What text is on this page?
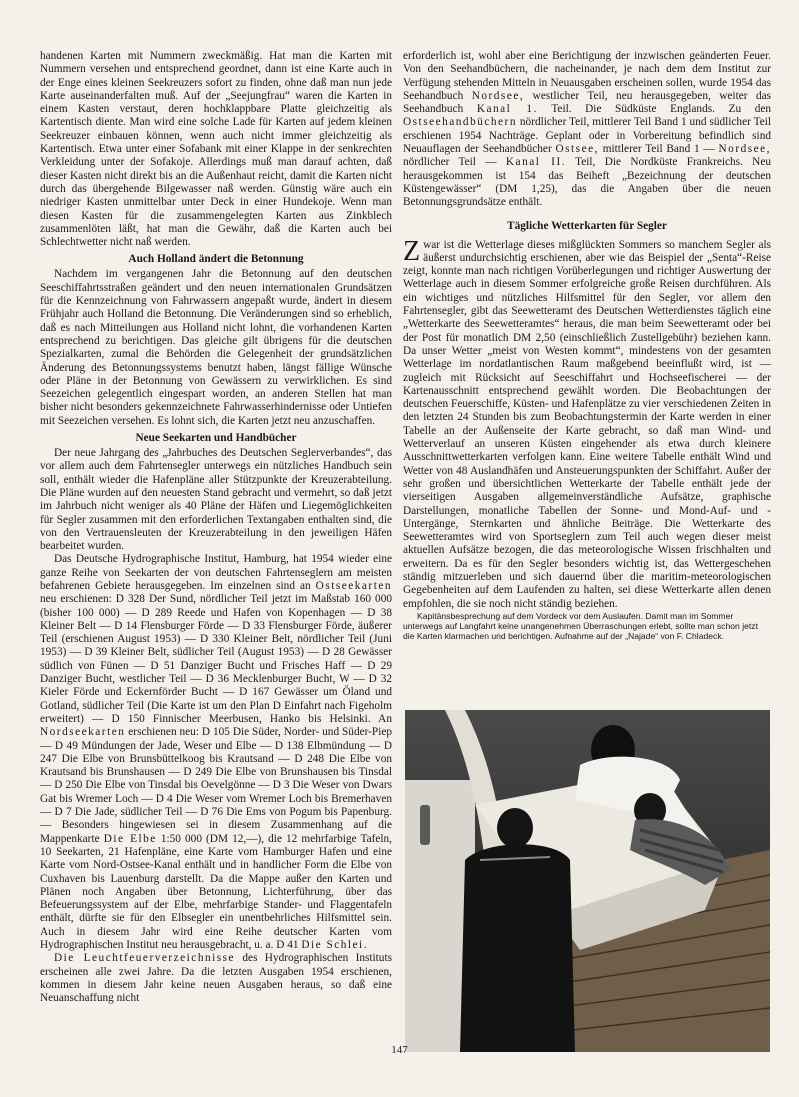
handenen Karten mit Nummern zweckmäßig. Hat man die Karten mit Nummern versehen und entsprechend geordnet, dann ist eine Karte auch in der Enge eines kleinen Seekreuzers sofort zu finden, ohne daß man nun jede Karte auseinanderfalten muß. Auf der „Seejungfrau“ waren die Karten in einem Kasten verstaut, deren hochklappbare Platte gleichzeitig als Kartentisch diente. Man wird eine solche Lade für Karten auf jedem kleinen Seekreuzer einbauen können, wenn auch nicht immer gleichzeitig als Kartentisch. Etwa unter einer Sofabank mit einer Klappe in der senkrechten Verkleidung unter der Sofakoje. Allerdings muß man darauf achten, daß dieser Kasten nicht direkt bis an die Außenhaut reicht, damit die Karten nicht durch das übergehende Bilgewasser naß werden. Günstig wäre auch ein niedriger Kasten unmittelbar unter Deck in einer Hundekoje. Wenn man diesen Kasten für die zusammengelegten Karten aus Zinkblech zusammenlöten läßt, hat man die Gewähr, daß die Karten auch bei Schlechtwetter nicht naß werden.

Auch Holland ändert die Betonnung

Nachdem im vergangenen Jahr die Betonnung auf den deutschen Seeschiffahrtsstraßen geändert und den neuen internationalen Grundsätzen für die Kennzeichnung von Fahrwassern angepaßt wurde, ändert in diesem Frühjahr auch Holland die Betonnung. Die Veränderungen sind so erheblich, daß es nach Mitteilungen aus Holland nicht lohnt, die vorhandenen Karten entsprechend zu berichtigen. Das gleiche gilt übrigens für die deutschen Spezialkarten, zumal die Behörden die Gelegenheit der grundsätzlichen Änderung des Betonnungssystems benutzt haben, längst fällige Wünsche oder Pläne in der Betonnung von Gewässern zu verwirklichen. Es sind Seezeichen gelegentlich eingespart worden, an anderen Stellen hat man bisher nicht besonders gekennzeichnete Fahrwasserhindernisse oder Untiefen mit Seezeichen versehen. Es lohnt sich, die Karten jetzt neu anzuschaffen.

Neue Seekarten und Handbücher

Der neue Jahrgang des „Jahrbuches des Deutschen Seglerverbandes“, das vor allem auch dem Fahrtensegler unterwegs ein nützliches Handbuch sein soll, enthält wieder die Hafenpläne aller Stützpunkte der Kreuzerabteilung. Die Pläne wurden auf den neuesten Stand gebracht und vermehrt, so daß jetzt im Jahrbuch nicht weniger als 40 Pläne der Häfen und Liegemöglichkeiten für Segler zusammen mit den erforderlichen Textangaben enthalten sind, die von den Vertrauensleuten der Kreuzerabteilung in den jeweiligen Häfen bearbeitet wurden.

Das Deutsche Hydrographische Institut, Hamburg, hat 1954 wieder eine ganze Reihe von Seekarten der von deutschen Fahrtenseglern am meisten befahrenen Gebiete herausgegeben. Im einzelnen sind an Ostseekarten neu erschienen: D 328 Der Sund, nördlicher Teil jetzt im Maßstab 160 000 (bisher 100 000) — D 289 Reede und Hafen von Kopenhagen — D 38 Kleiner Belt — D 14 Flensburger Förde — D 33 Flensburger Förde, äußerer Teil (erschienen August 1953) — D 330 Kleiner Belt, nördlicher Teil (Juni 1953) — D 39 Kleiner Belt, südlicher Teil (August 1953) — D 28 Gewässer südlich von Fünen — D 51 Danziger Bucht und Frisches Haff — D 29 Danziger Bucht, westlicher Teil — D 36 Mecklenburger Bucht, W — D 32 Kieler Förde und Eckernförder Bucht — D 167 Gewässer um Öland und Gotland, südlicher Teil (Die Karte ist um den Plan D Einfahrt nach Figeholm erweitert) — D 150 Finnischer Meerbusen, Hanko bis Helsinki. An Nordseekarten erschienen neu: D 105 Die Süder, Norder- und Süder-Piep — D 49 Mündungen der Jade, Weser und Elbe — D 138 Elbmündung — D 247 Die Elbe von Brunsbüttelkoog bis Krautsand — D 248 Die Elbe von Krautsand bis Brunshausen — D 249 Die Elbe von Brunshausen bis Tinsdal — D 250 Die Elbe von Tinsdal bis Oevelgönne — D 3 Die Weser von Dwars Gat bis Wremer Loch — D 4 Die Weser vom Wremer Loch bis Bremerhaven — D 7 Die Jade, südlicher Teil — D 76 Die Ems von Pogum bis Papenburg. — Besonders hingewiesen sei in diesem Zusammenhang auf die Mappenkarte Die Elbe 1:50 000 (DM 12,—), die 12 mehrfarbige Tafeln, 10 Seekarten, 21 Hafenpläne, eine Karte vom Hamburger Hafen und eine Karte vom Nord-Ostsee-Kanal enthält und in handlicher Form die Elbe von Cuxhaven bis Lauenburg darstellt. Da die Mappe außer den Karten und Plänen noch Angaben über Betonnung, Lichterführung, über das Befeuerungssystem auf der Elbe, mehrfarbige Stander- und Flaggentafeln enthält, dürfte sie für den Elbsegler ein unentbehrliches Hilfsmittel sein. Auch in diesem Jahr wird eine Reihe deutscher Karten vom Hydrographischen Institut neu herausgebracht, u. a. D 41 Die Schlei.

Die Leuchtfeuerverzeichnisse des Hydrographischen Instituts erscheinen alle zwei Jahre. Da die letzten Ausgaben 1954 erschienen, kommen in diesem Jahr keine neuen Ausgaben heraus, so daß eine Neuanschaffung nicht

erforderlich ist, wohl aber eine Berichtigung der inzwischen geänderten Feuer. Von den Seehandbüchern, die nacheinander, je nach dem dem Institut zur Verfügung stehenden Mitteln in Neuausgaben erscheinen sollen, wurde 1954 das Seehandbuch Nordsee, westlicher Teil, neu herausgegeben, weiter das Seehandbuch Kanal 1. Teil. Die Südküste Englands. Zu den Ostseehandbüchern nördlicher Teil, mittlerer Teil Band 1 und südlicher Teil erschienen 1954 Nachträge. Geplant oder in Vorbereitung befindlich sind Neuauflagen der Seehandbücher Ostsee, mittlerer Teil Band 1 — Nordsee, nördlicher Teil — Kanal II. Teil, Die Nordküste Frankreichs. Neu herausgekommen ist 154 das Beiheft „Bezeichnung der deutschen Küstengewässer“ (DM 1,25), das die Angaben über die neuen Betonnungsgrundsätze enthält.

Tägliche Wetterkarten für Segler

Zwar ist die Wetterlage dieses mißglückten Sommers so manchem Segler als äußerst undurchsichtig erschienen, aber wie das Beispiel der „Senta“-Reise zeigt, konnte man nach richtigen Vorüberlegungen und richtiger Auswertung der Wetterlage auch in diesem Sommer erfolgreiche große Reisen durchführen. Als ein wichtiges und nützliches Hilfsmittel für den Segler, vor allem den Fahrtensegler, gibt das Seewetteramt des Deutschen Wetterdienstes täglich eine „Wetterkarte des Seewetteramtes“ heraus, die man beim Seewetteramt oder bei der Post für monatlich DM 2,50 (einschließlich Zustellgebühr) beziehen kann. Da unser Wetter „meist von Westen kommt“, mindestens von der gesamten Wetterlage im nordatlantischen Raum maßgebend beeinflußt wird, ist — zugleich mit Rücksicht auf Seeschiffahrt und Hochseefischerei — der Kartenausschnitt entsprechend gewählt worden. Die Beobachtungen der deutschen Feuerschiffe, Küsten- und Hafenplätze zu vier verschiedenen Zeiten in den letzten 24 Stunden bis zum Beobachtungstermin der Karte werden in einer Tabelle an der Außenseite der Karte gebracht, so daß man Wind- und Wetterverlauf an unseren Küsten eingehender als etwa durch kleinere Ausschnittwetterkarten verfolgen kann. Eine weitere Tabelle enthält Wind und Wetter von 48 Auslandhäfen und Ansteuerungspunkten der Schiffahrt. Außer der sehr großen und übersichtlichen Wetterkarte der Tabelle enthält jede der vierseitigen Ausgaben allgemeinverständliche Aufsätze, graphische Darstellungen, monatliche Tabellen der Sonne- und Mond-Auf- und -Untergänge, Sternkarten und ähnliche Beiträge. Die Wetterkarte des Seewetteramtes wird von Sportseglern zum Teil auch wegen dieser meist aktuellen Aufsätze bezogen, die das meteorologische Wissen frischhalten und erweitern. Da es für den Segler besonders wichtig ist, das Wettergeschehen ständig mitzuerleben und sich dauernd über die maritim-meteorologischen Gegebenheiten auf dem Laufenden zu halten, sei diese Wetterkarte allen denen empfohlen, die sie noch nicht ständig beziehen.

Kapitänsbesprechung auf dem Vordeck vor dem Auslaufen. Damit man im Sommer unterwegs auf Langfahrt keine unangenehmen Überraschungen erlebt, sollte man schon jetzt die Karten klarmachen und berichtigen. Aufnahme auf der „Najade“ von F. Chladeck.

147
